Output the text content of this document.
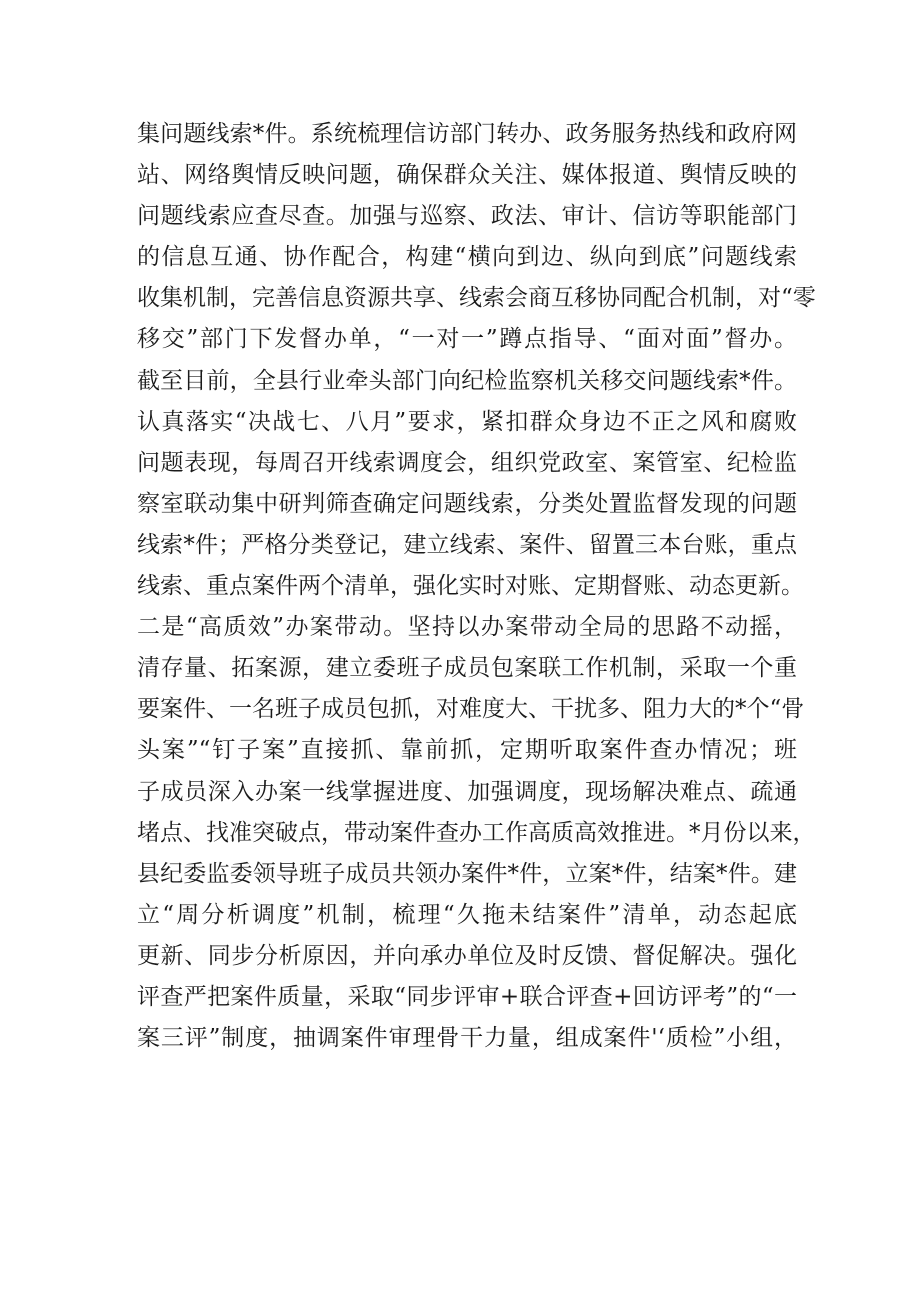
集问题线索*件。系统梳理信访部门转办、政务服务热线和政府网
站、网络舆情反映问题，确保群众关注、媒体报道、舆情反映的
问题线索应查尽查。加强与巡察、政法、审计、信访等职能部门
的信息互通、协作配合，构建“横向到边、纵向到底”问题线索
收集机制，完善信息资源共享、线索会商互移协同配合机制，对“零
移交”部门下发督办单，“一对一”蹲点指导、“面对面”督办。
截至目前，全县行业牵头部门向纪检监察机关移交问题线索*件。
认真落实“决战七、八月”要求，紧扣群众身边不正之风和腐败
问题表现，每周召开线索调度会，组织党政室、案管室、纪检监
察室联动集中研判筛查确定问题线索，分类处置监督发现的问题
线索*件；严格分类登记，建立线索、案件、留置三本台账，重点
线索、重点案件两个清单，强化实时对账、定期督账、动态更新。
二是“高质效”办案带动。坚持以办案带动全局的思路不动摇，
清存量、拓案源，建立委班子成员包案联工作机制，采取一个重
要案件、一名班子成员包抓，对难度大、干扰多、阻力大的*个“骨
头案”“钉子案”直接抓、靠前抓，定期听取案件查办情况；班
子成员深入办案一线掌握进度、加强调度，现场解决难点、疏通
堵点、找准突破点，带动案件查办工作高质高效推进。*月份以来，
县纪委监委领导班子成员共领办案件*件，立案*件，结案*件。建
立“周分析调度”机制，梳理“久拖未结案件”清单，动态起底
更新、同步分析原因，并向承办单位及时反馈、督促解决。强化
评查严把案件质量，采取“同步评审+联合评查+回访评考”的“一
案三评”制度，抽调案件审理骨干力量，组成案件'‘质检”小组，
